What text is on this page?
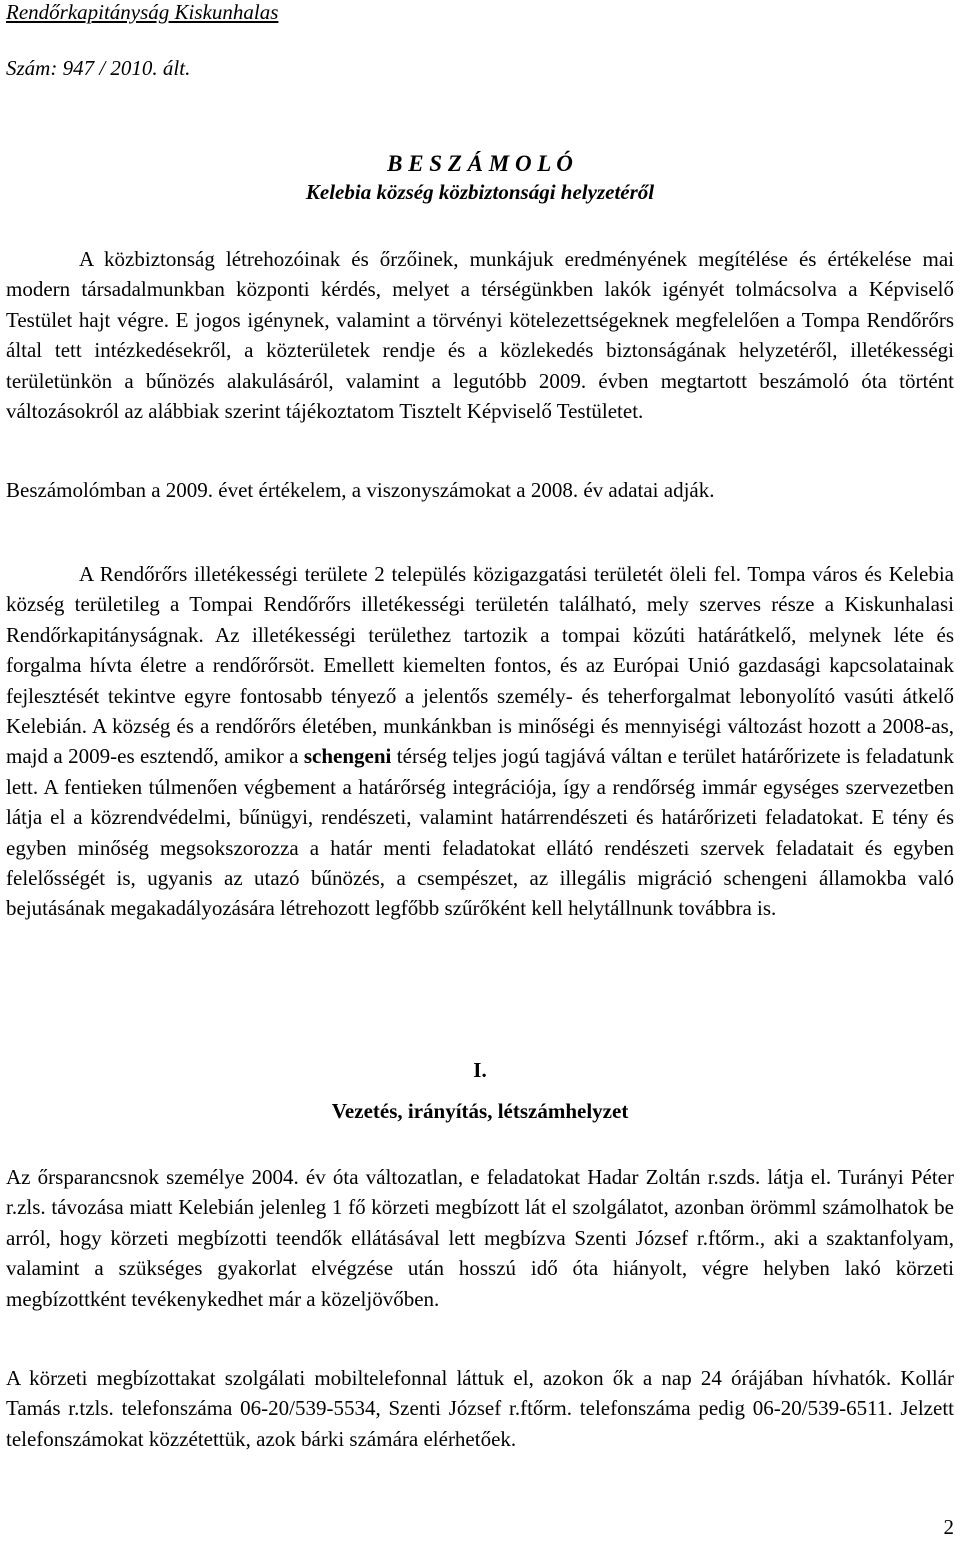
Rendőrkapitányság Kiskunhalas
Szám: 947 / 2010. ált.
B E S Z Á M O L Ó
Kelebia község közbiztonsági helyzetéről
A közbiztonság létrehozóinak és őrzőinek, munkájuk eredményének megítélése és értékelése mai modern társadalmunkban központi kérdés, melyet a térségünkben lakók igényét tolmácsolva a Képviselő Testület hajt végre. E jogos igénynek, valamint a törvényi kötelezettségeknek megfelelően a Tompa Rendőrőrs által tett intézkedésekről, a közterületek rendje és a közlekedés biztonságának helyzetéről, illetékességi területünkön a bűnözés alakulásáról, valamint a legutóbb 2009. évben megtartott beszámoló óta történt változásokról az alábbiak szerint tájékoztatom Tisztelt Képviselő Testületet.
Beszámolómban a 2009. évet értékelem, a viszonyszámokat a 2008. év adatai adják.
A Rendőrőrs illetékességi területe 2 település közigazgatási területét öleli fel. Tompa város és Kelebia község területileg a Tompai Rendőrőrs illetékességi területén található, mely szerves része a Kiskunhalasi Rendőrkapitányságnak. Az illetékességi területhez tartozik a tompai közúti határátkelő, melynek léte és forgalma hívta életre a rendőrőrsöt. Emellett kiemelten fontos, és az Európai Unió gazdasági kapcsolatainak fejlesztését tekintve egyre fontosabb tényező a jelentős személy- és teherforgalmat lebonyolító vasúti átkelő Kelebián. A község és a rendőrőrs életében, munkánkban is minőségi és mennyiségi változást hozott a 2008-as, majd a 2009-es esztendő, amikor a schengeni térség teljes jogú tagjává váltan e terület határőrizete is feladatunk lett. A fentieken túlmenően végbement a határőrség integrációja, így a rendőrség immár egységes szervezetben látja el a közrendvédelmi, bűnügyi, rendészeti, valamint határrendészeti és határőrizeti feladatokat. E tény és egyben minőség megsokszorozza a határ menti feladatokat ellátó rendészeti szervek feladatait és egyben felelősségét is, ugyanis az utazó bűnözés, a csempészet, az illegális migráció schengeni államokba való bejutásának megakadályozására létrehozott legfőbb szűrőként kell helytállnunk továbbra is.
I.
Vezetés, irányítás, létszámhelyzet
Az őrsparancsnok személye 2004. év óta változatlan, e feladatokat Hadar Zoltán r.szds. látja el. Turányi Péter r.zls. távozása miatt Kelebián jelenleg 1 fő körzeti megbízott lát el szolgálatot, azonban örömml számolhatok be arról, hogy körzeti megbízotti teendők ellátásával lett megbízva Szenti József r.ftőrm., aki a szaktanfolyam, valamint a szükséges gyakorlat elvégzése után hosszú idő óta hiányolt, végre helyben lakó körzeti megbízottként tevékenykedhet már a közeljövőben.
A körzeti megbízottakat szolgálati mobiltelefonnal láttuk el, azokon ők a nap 24 órájában hívhatók. Kollár Tamás r.tzls. telefonszáma 06-20/539-5534, Szenti József r.ftőrm. telefonszáma pedig 06-20/539-6511. Jelzett telefonszámokat közzétettük, azok bárki számára elérhetőek.
2
